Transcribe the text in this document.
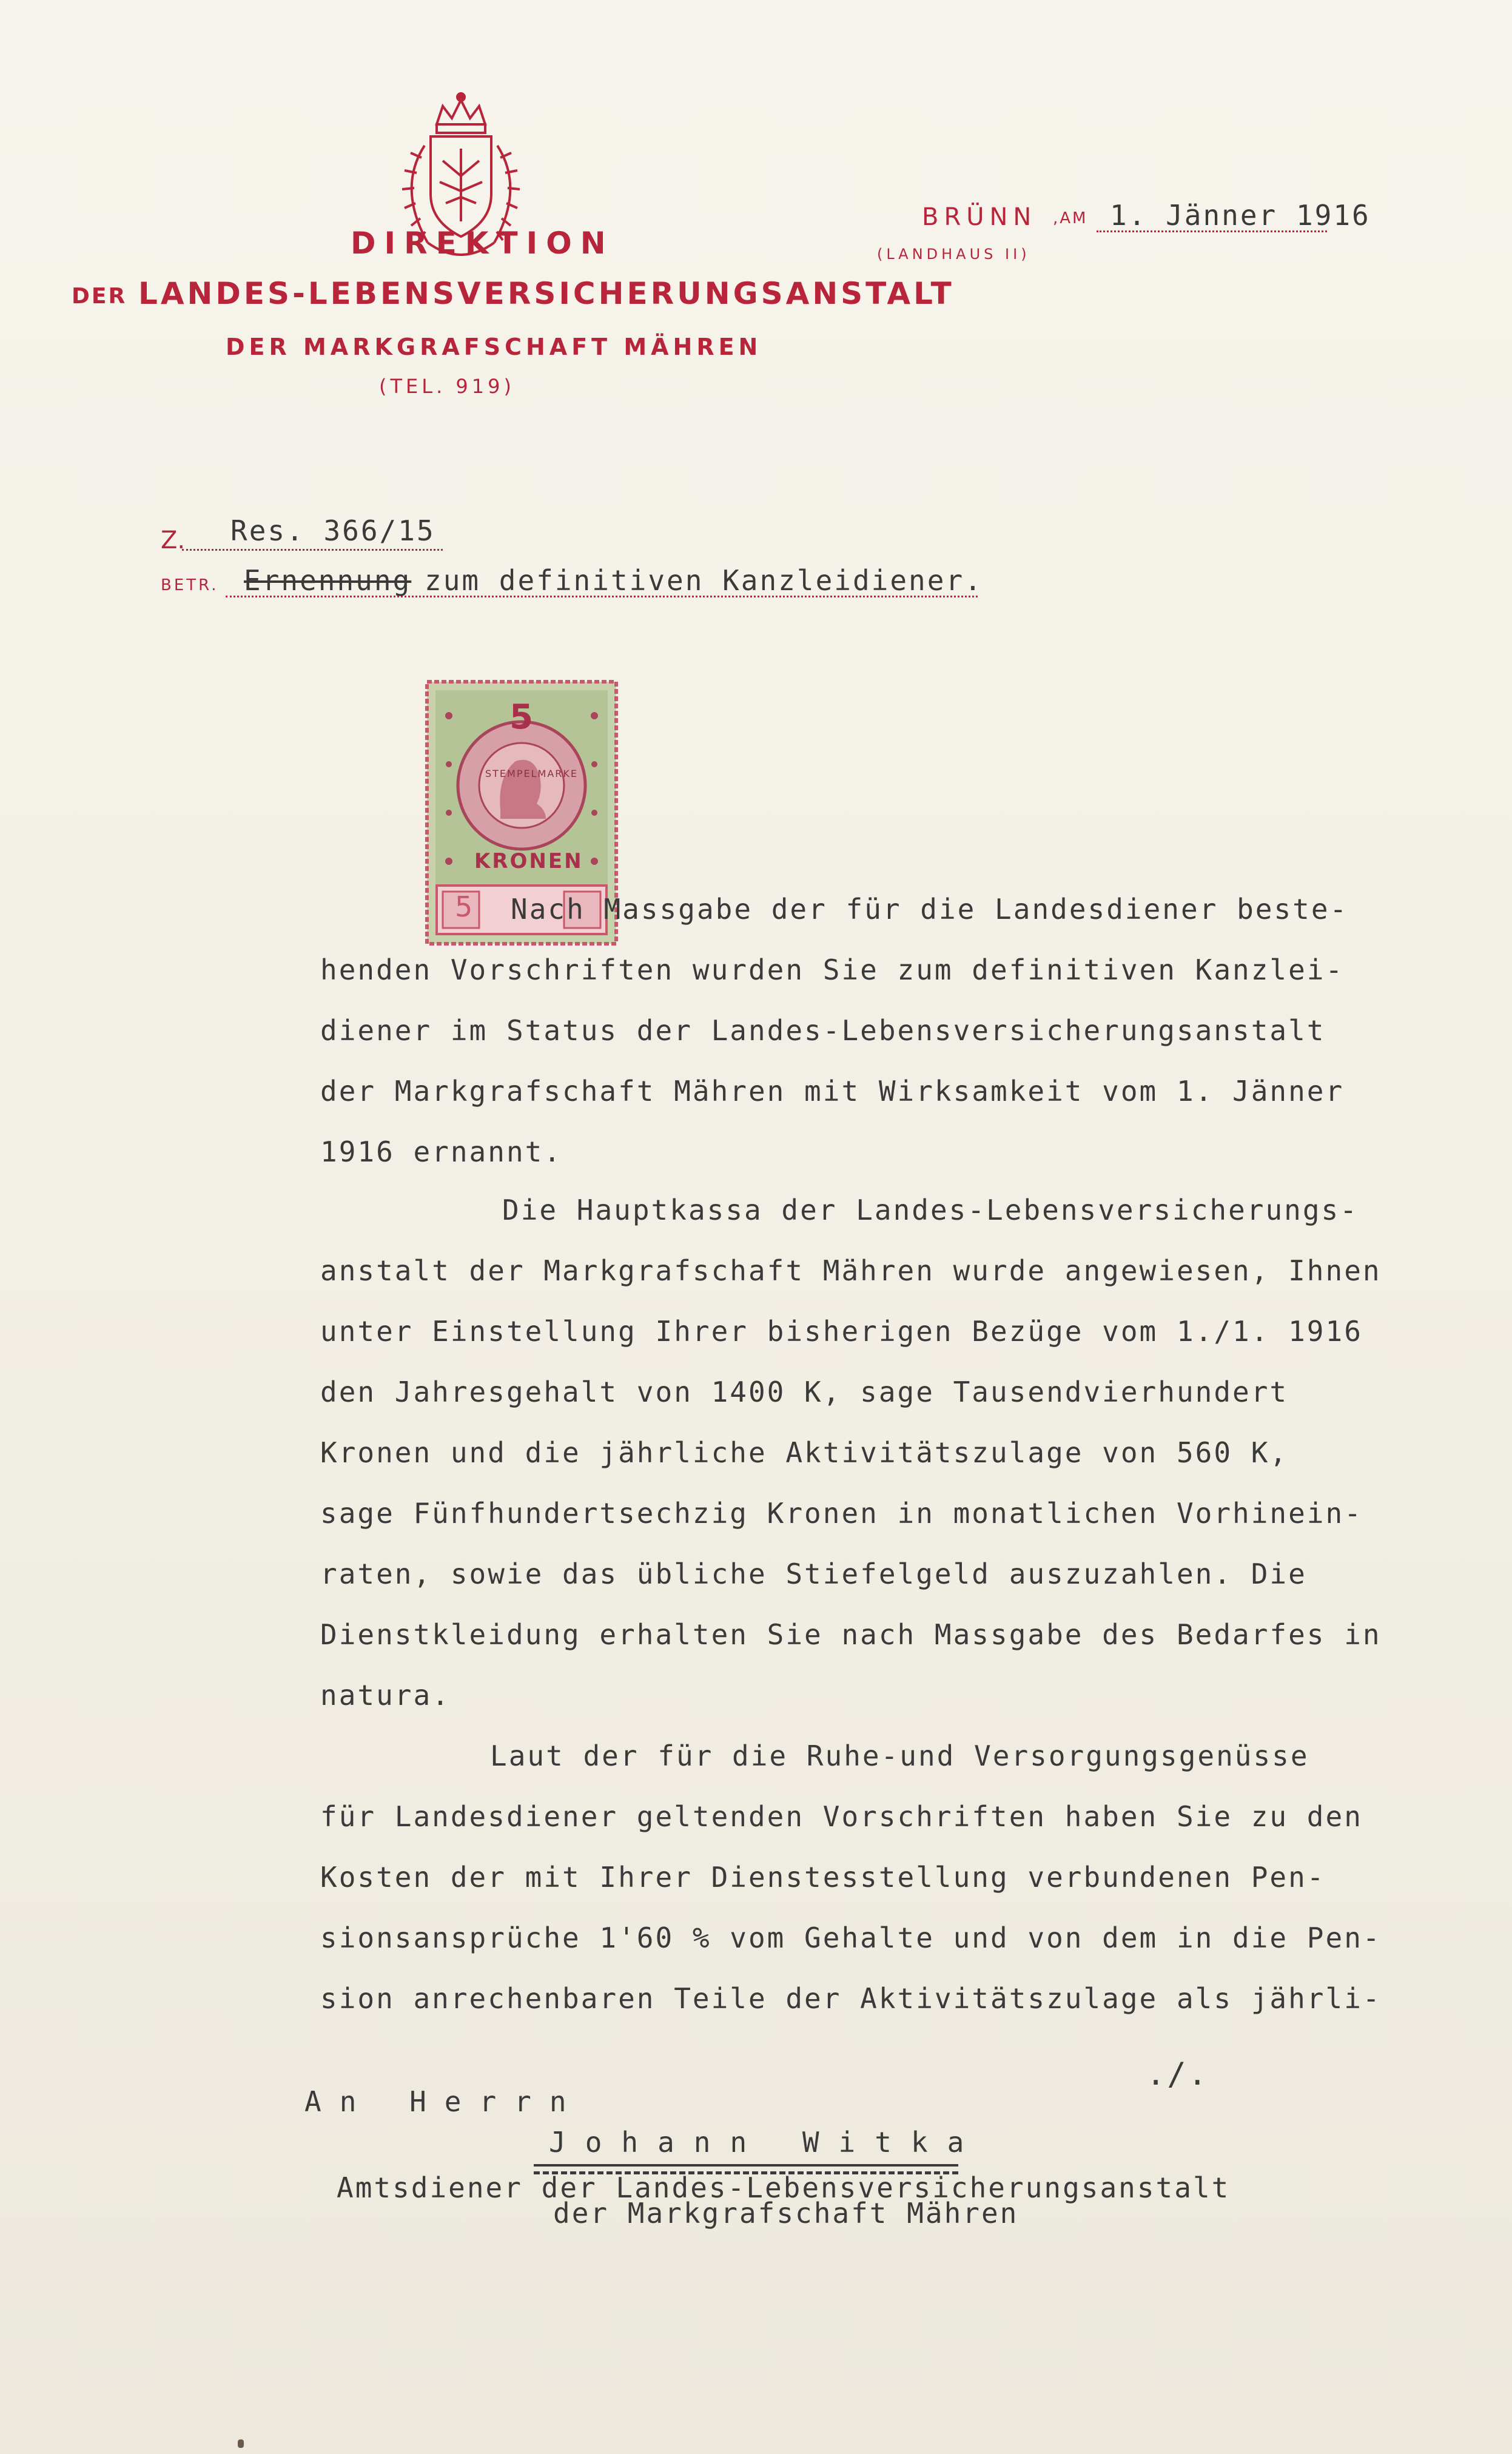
DIREKTION
DER LANDES-LEBENSVERSICHERUNGSANSTALT
DER MARKGRAFSCHAFT MÄHREN
(TEL. 919)
BRÜNN ,AM 1. Jänner 1916
(LANDHAUS II)
Z. Res. 366/15
BETR. Ernennung zum definitiven Kanzleidiener.
5
KRONEN
STEMPELMARKE
5 Nach Massgabe der für die Landesdiener beste-
henden Vorschriften wurden Sie zum definitiven Kanzlei-
diener im Status der Landes-Lebensversicherungsanstalt
der Markgrafschaft Mähren mit Wirksamkeit vom 1. Jänner
1916 ernannt.
Die Hauptkassa der Landes-Lebensversicherungs-
anstalt der Markgrafschaft Mähren wurde angewiesen, Ihnen
unter Einstellung Ihrer bisherigen Bezüge vom 1./1. 1916
den Jahresgehalt von 1400 K, sage Tausendvierhundert
Kronen und die jährliche Aktivitätszulage von 560 K,
sage Fünfhundertsechzig Kronen in monatlichen Vorhinein-
raten, sowie das übliche Stiefelgeld auszuzahlen. Die
Dienstkleidung erhalten Sie nach Massgabe des Bedarfes in
natura.
Laut der für die Ruhe-und Versorgungsgenüsse
für Landesdiener geltenden Vorschriften haben Sie zu den
Kosten der mit Ihrer Dienstesstellung verbundenen Pen-
sionsansprüche 1'60 % vom Gehalte und von dem in die Pen-
sion anrechenbaren Teile der Aktivitätszulage als jährli-
./.
An Herrn
Johann Witka
Amtsdiener der Landes-Lebensversicherungsanstalt
der Markgrafschaft Mähren
